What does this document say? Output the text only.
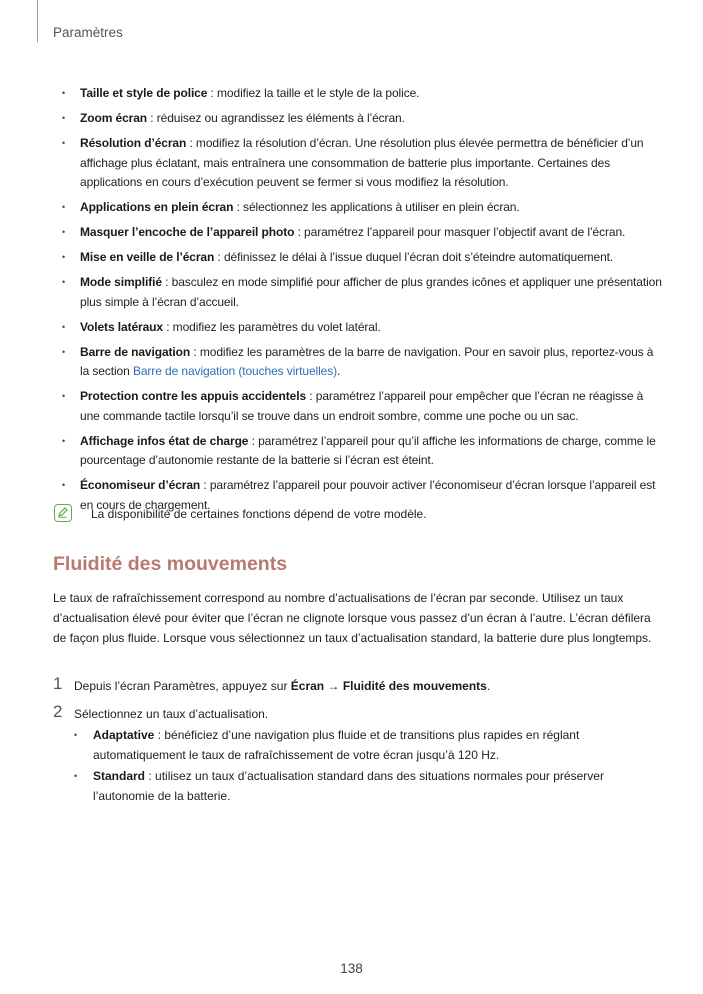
Paramètres
• Taille et style de police : modifiez la taille et le style de la police.
• Zoom écran : réduisez ou agrandissez les éléments à l’écran.
• Résolution d’écran : modifiez la résolution d’écran. Une résolution plus élevée permettra de bénéficier d’un affichage plus éclatant, mais entraînera une consommation de batterie plus importante. Certaines des applications en cours d’exécution peuvent se fermer si vous modifiez la résolution.
• Applications en plein écran : sélectionnez les applications à utiliser en plein écran.
• Masquer l’encoche de l’appareil photo : paramétrez l’appareil pour masquer l’objectif avant de l’écran.
• Mise en veille de l’écran : définissez le délai à l’issue duquel l’écran doit s’éteindre automatiquement.
• Mode simplifié : basculez en mode simplifié pour afficher de plus grandes icônes et appliquer une présentation plus simple à l’écran d’accueil.
• Volets latéraux : modifiez les paramètres du volet latéral.
• Barre de navigation : modifiez les paramètres de la barre de navigation. Pour en savoir plus, reportez-vous à la section Barre de navigation (touches virtuelles).
• Protection contre les appuis accidentels : paramétrez l’appareil pour empêcher que l’écran ne réagisse à une commande tactile lorsqu’il se trouve dans un endroit sombre, comme une poche ou un sac.
• Affichage infos état de charge : paramétrez l’appareil pour qu’il affiche les informations de charge, comme le pourcentage d’autonomie restante de la batterie si l’écran est éteint.
• Économiseur d’écran : paramétrez l’appareil pour pouvoir activer l’économiseur d’écran lorsque l’appareil est en cours de chargement.
La disponibilité de certaines fonctions dépend de votre modèle.
Fluidité des mouvements

Le taux de rafraîchissement correspond au nombre d’actualisations de l’écran par seconde. Utilisez un taux d’actualisation élevé pour éviter que l’écran ne clignote lorsque vous passez d’un écran à l’autre. L’écran défilera de façon plus fluide. Lorsque vous sélectionnez un taux d’actualisation standard, la batterie dure plus longtemps.

1 Depuis l’écran Paramètres, appuyez sur Écran → Fluidité des mouvements.
2 Sélectionnez un taux d’actualisation.
• Adaptative : bénéficiez d’une navigation plus fluide et de transitions plus rapides en réglant automatiquement le taux de rafraîchissement de votre écran jusqu’à 120 Hz.
• Standard : utilisez un taux d’actualisation standard dans des situations normales pour préserver l’autonomie de la batterie.
138
